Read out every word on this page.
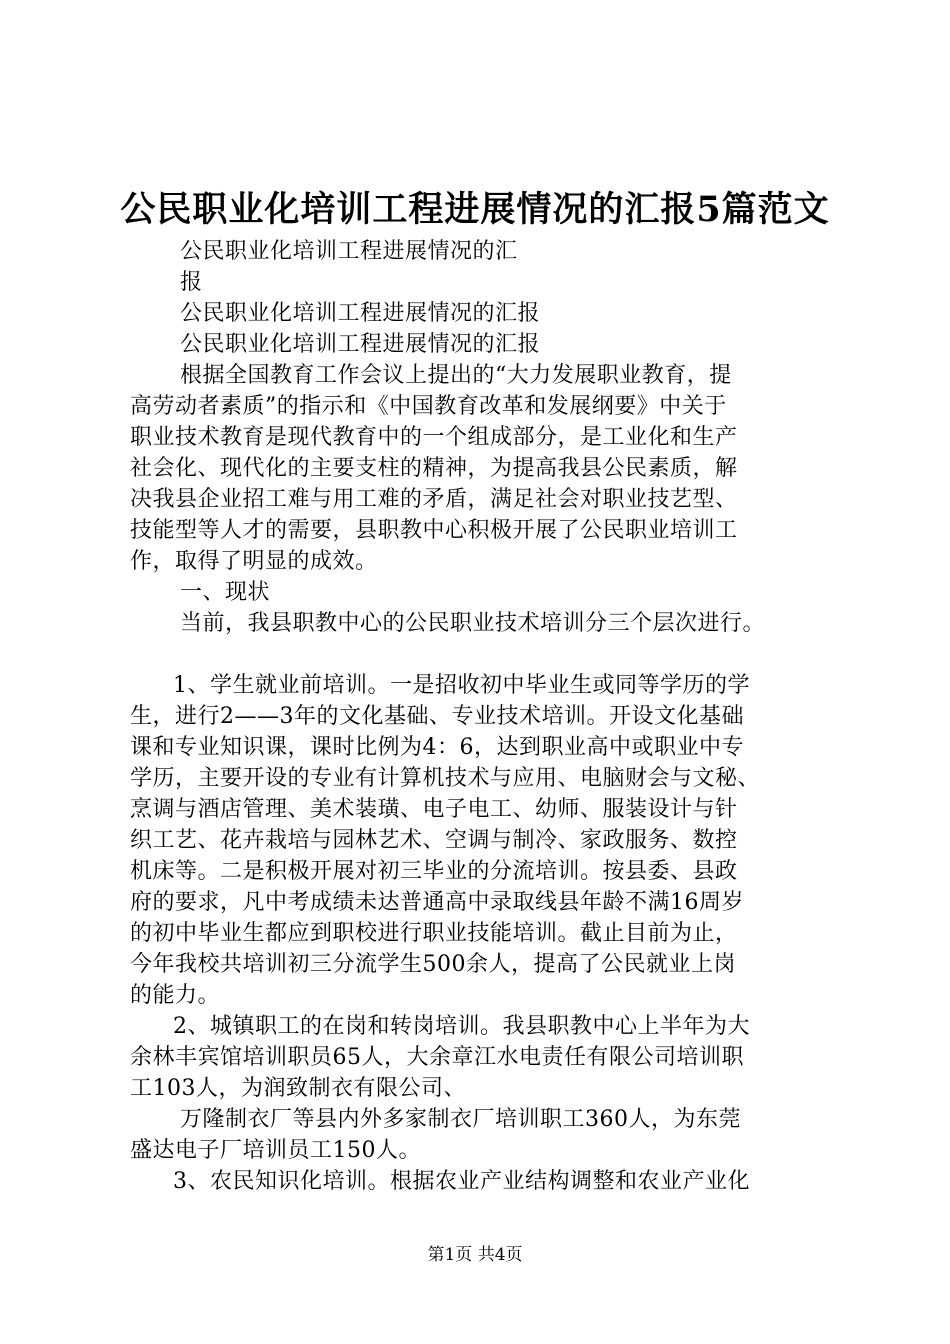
公民职业化培训工程进展情况的汇报5篇范文
公民职业化培训工程进展情况的汇
报
公民职业化培训工程进展情况的汇报
公民职业化培训工程进展情况的汇报
根据全国教育工作会议上提出的“大力发展职业教育，提
高劳动者素质”的指示和《中国教育改革和发展纲要》中关于
职业技术教育是现代教育中的一个组成部分，是工业化和生产
社会化、现代化的主要支柱的精神，为提高我县公民素质，解
决我县企业招工难与用工难的矛盾，满足社会对职业技艺型、
技能型等人才的需要，县职教中心积极开展了公民职业培训工
作，取得了明显的成效。
一、现状
当前，我县职教中心的公民职业技术培训分三个层次进行。
1、学生就业前培训。一是招收初中毕业生或同等学历的学
生，进行2——3年的文化基础、专业技术培训。开设文化基础
课和专业知识课，课时比例为4：6，达到职业高中或职业中专
学历，主要开设的专业有计算机技术与应用、电脑财会与文秘、
烹调与酒店管理、美术装璜、电子电工、幼师、服装设计与针
织工艺、花卉栽培与园林艺术、空调与制冷、家政服务、数控
机床等。二是积极开展对初三毕业的分流培训。按县委、县政
府的要求，凡中考成绩未达普通高中录取线县年龄不满16周岁
的初中毕业生都应到职校进行职业技能培训。截止目前为止，
今年我校共培训初三分流学生500余人，提高了公民就业上岗
的能力。
2、城镇职工的在岗和转岗培训。我县职教中心上半年为大
余林丰宾馆培训职员65人，大余章江水电责任有限公司培训职
工103人，为润致制衣有限公司、
万隆制衣厂等县内外多家制衣厂培训职工360人，为东莞
盛达电子厂培训员工150人。
3、农民知识化培训。根据农业产业结构调整和农业产业化
第1页 共4页
